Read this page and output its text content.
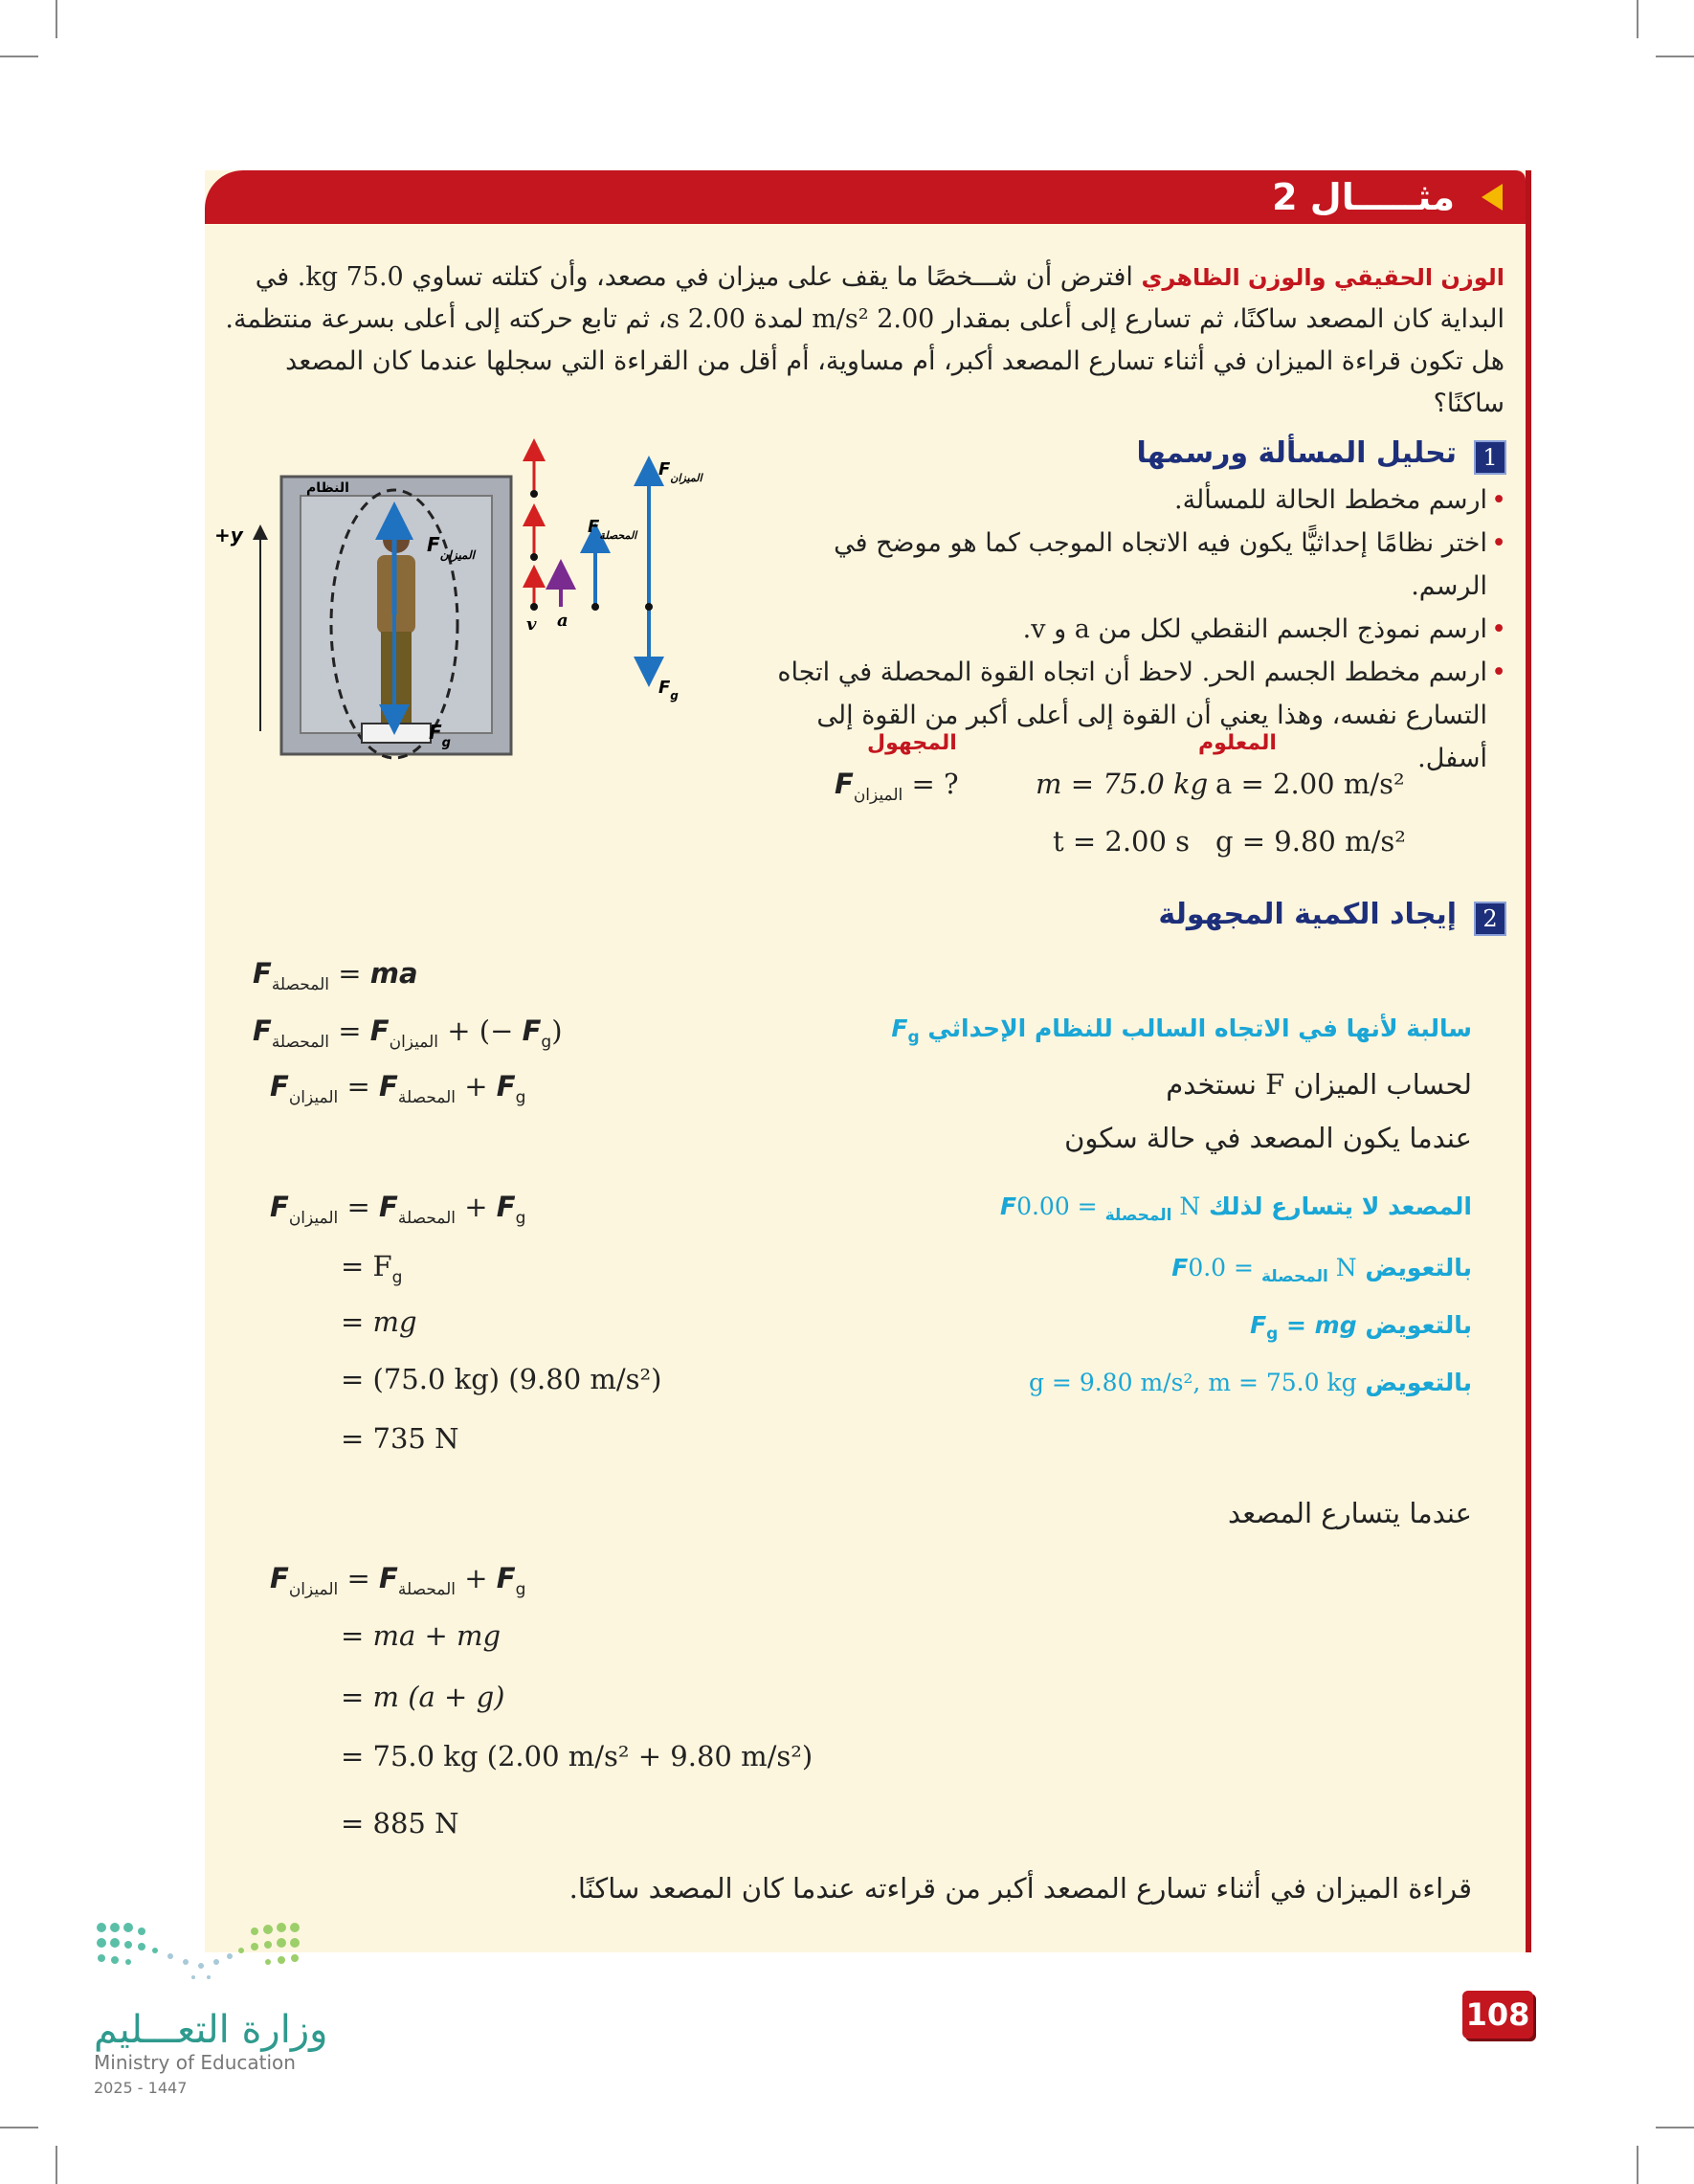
مثـــــال 2
الوزن الحقيقي والوزن الظاهري افترض أن شـــخصًا ما يقف على ميزان في مصعد، وأن كتلته تساوي 75.0 kg. في البداية كان المصعد ساكنًا، ثم تسارع إلى أعلى بمقدار 2.00 m/s² لمدة 2.00 s، ثم تابع حركته إلى أعلى بسرعة منتظمة. هل تكون قراءة الميزان في أثناء تسارع المصعد أكبر، أم مساوية، أم أقل من القراءة التي سجلها عندما كان المصعد ساكنًا؟
تحليل المسألة ورسمها	1
• ارسم مخطط الحالة للمسألة.
• اختر نظامًا إحداثيًّا يكون فيه الاتجاه الموجب كما هو موضح في الرسم.
• ارسم نموذج الجسم النقطي لكل من a و v.
• ارسم مخطط الجسم الحر. لاحظ أن اتجاه القوة المحصلة في اتجاه التسارع نفسه، وهذا يعني أن القوة إلى أعلى أكبر من القوة إلى أسفل.
المعلوم
المجهول
m = 75.0 kg a = 2.00 m/s²
t = 2.00 s g = 9.80 m/s²
$F_{الميزان}$ = ?
+y
النظام
$F_{الميزان}$
$F_g$
v a
$F_{المحصلة}$
$F_{الميزان}$
$F_g$
إيجاد الكمية المجهولة	2
$F_{المحصلة}$ = ma
$F_{المحصلة} = F_{الميزان}$ + (− $F_g$)
$F_{الميزان} = F_{المحصلة} + F_g$
$F_g$ سالبة لأنها في الاتجاه السالب للنظام الإحداثي
لحساب الميزان F نستخدم
عندما يكون المصعد في حالة سكون
$F_{الميزان} = F_{المحصلة} + F_g$
= $F_g$
= mg
= (75.0 kg) (9.80 m/s²)
= 735 N
المصعد لا يتسارع لذلك F	$_{المحصلة}$ = 0.00 N
بالتعويض F	$_{المحصلة}$ = 0.0 N
بالتعويض $F_g$ = mg
بالتعويض g = 9.80 m/s², m = 75.0 kg
عندما يتسارع المصعد
$F_{الميزان} = F_{المحصلة} + F_g$
= ma + mg
= m (a + g)
= 75.0 kg (2.00 m/s² + 9.80 m/s²)
= 885 N
قراءة الميزان في أثناء تسارع المصعد أكبر من قراءته عندما كان المصعد ساكنًا.
108
وزارة التعـــليم
Ministry of Education
2025 - 1447
